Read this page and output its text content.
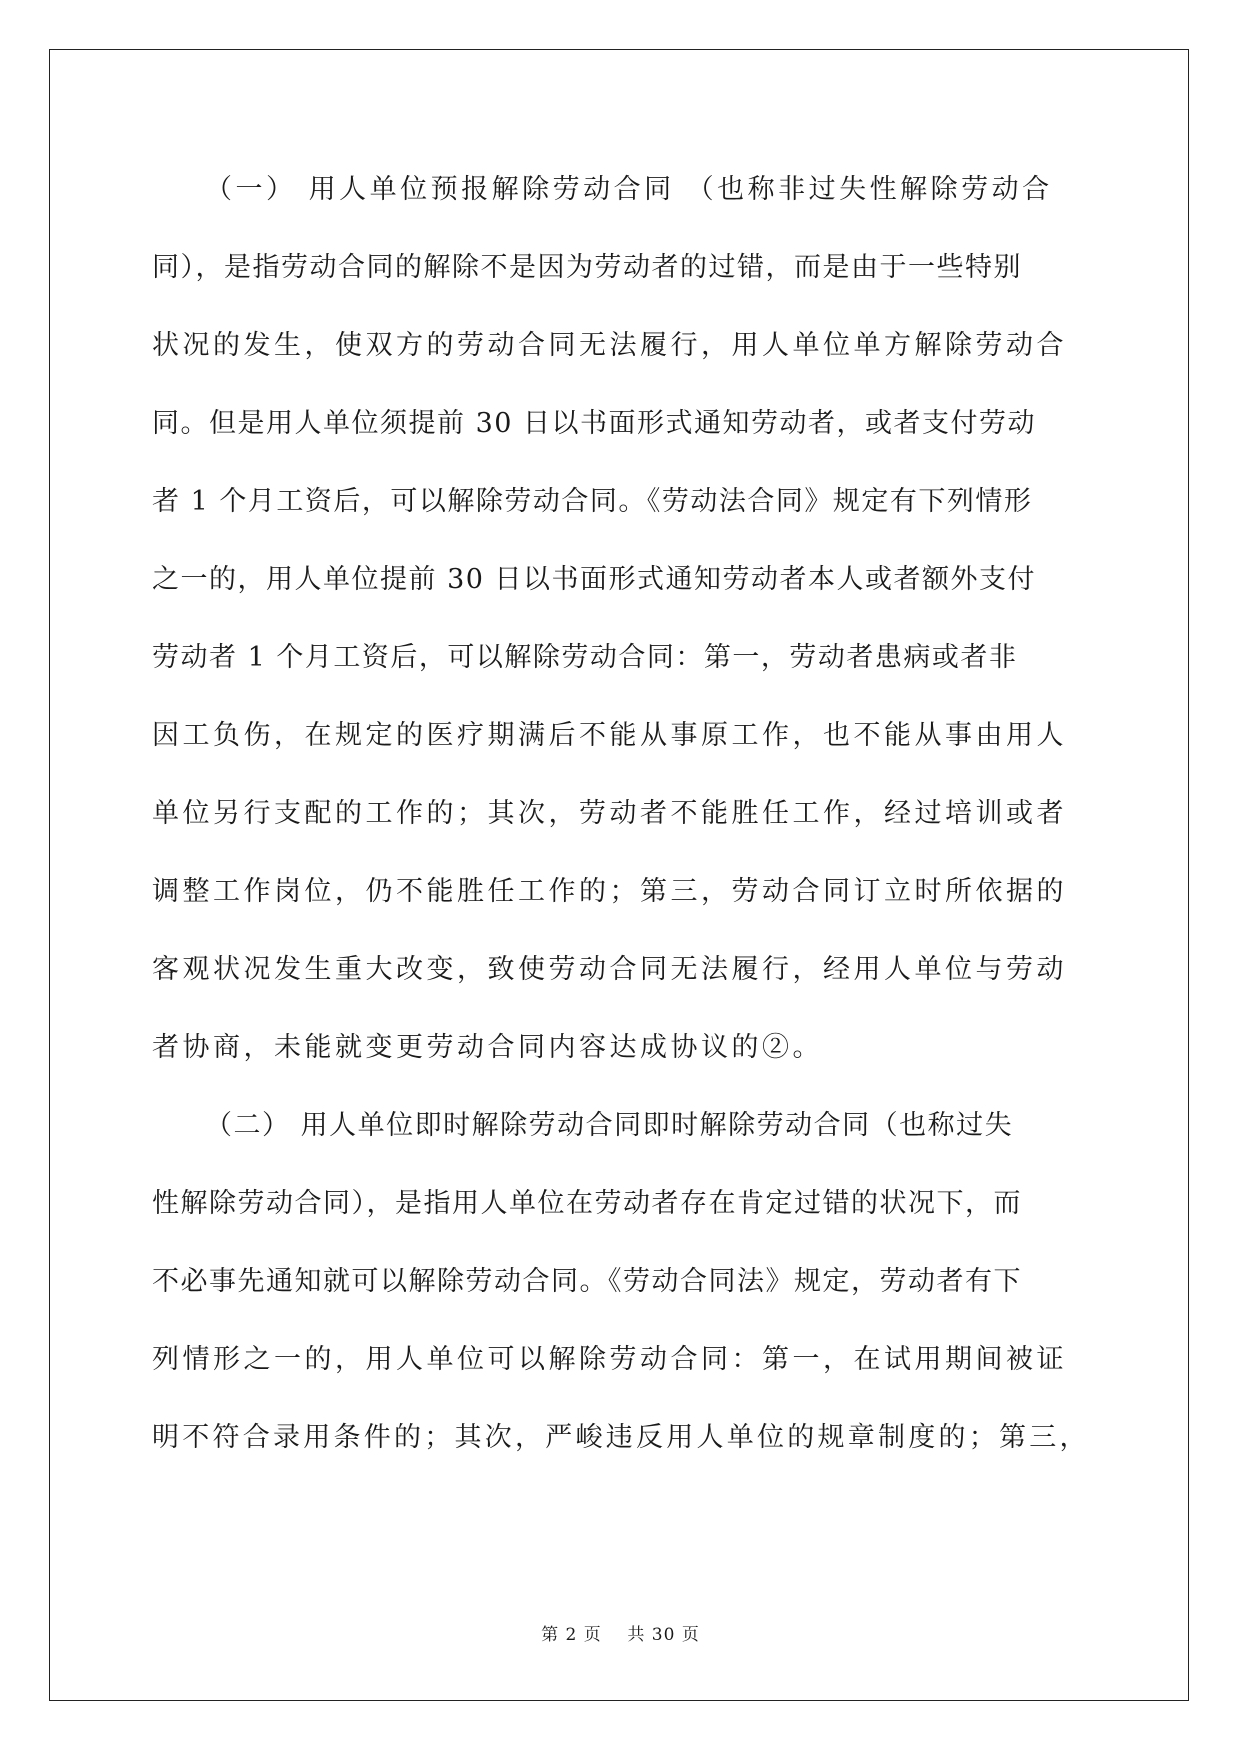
（一） 用人单位预报解除劳动合同 （也称非过失性解除劳动合
同），是指劳动合同的解除不是因为劳动者的过错，而是由于一些特别
状况的发生，使双方的劳动合同无法履行，用人单位单方解除劳动合
同。但是用人单位须提前 30 日以书面形式通知劳动者，或者支付劳动
者 1 个月工资后，可以解除劳动合同。《劳动法合同》规定有下列情形
之一的，用人单位提前 30 日以书面形式通知劳动者本人或者额外支付
劳动者 1 个月工资后，可以解除劳动合同：第一，劳动者患病或者非
因工负伤，在规定的医疗期满后不能从事原工作，也不能从事由用人
单位另行支配的工作的；其次，劳动者不能胜任工作，经过培训或者
调整工作岗位，仍不能胜任工作的；第三，劳动合同订立时所依据的
客观状况发生重大改变，致使劳动合同无法履行，经用人单位与劳动
者协商，未能就变更劳动合同内容达成协议的②。
（二） 用人单位即时解除劳动合同即时解除劳动合同（也称过失
性解除劳动合同），是指用人单位在劳动者存在肯定过错的状况下，而
不必事先通知就可以解除劳动合同。《劳动合同法》规定，劳动者有下
列情形之一的，用人单位可以解除劳动合同：第一，在试用期间被证
明不符合录用条件的；其次，严峻违反用人单位的规章制度的；第三，
第 2 页 共 30 页
